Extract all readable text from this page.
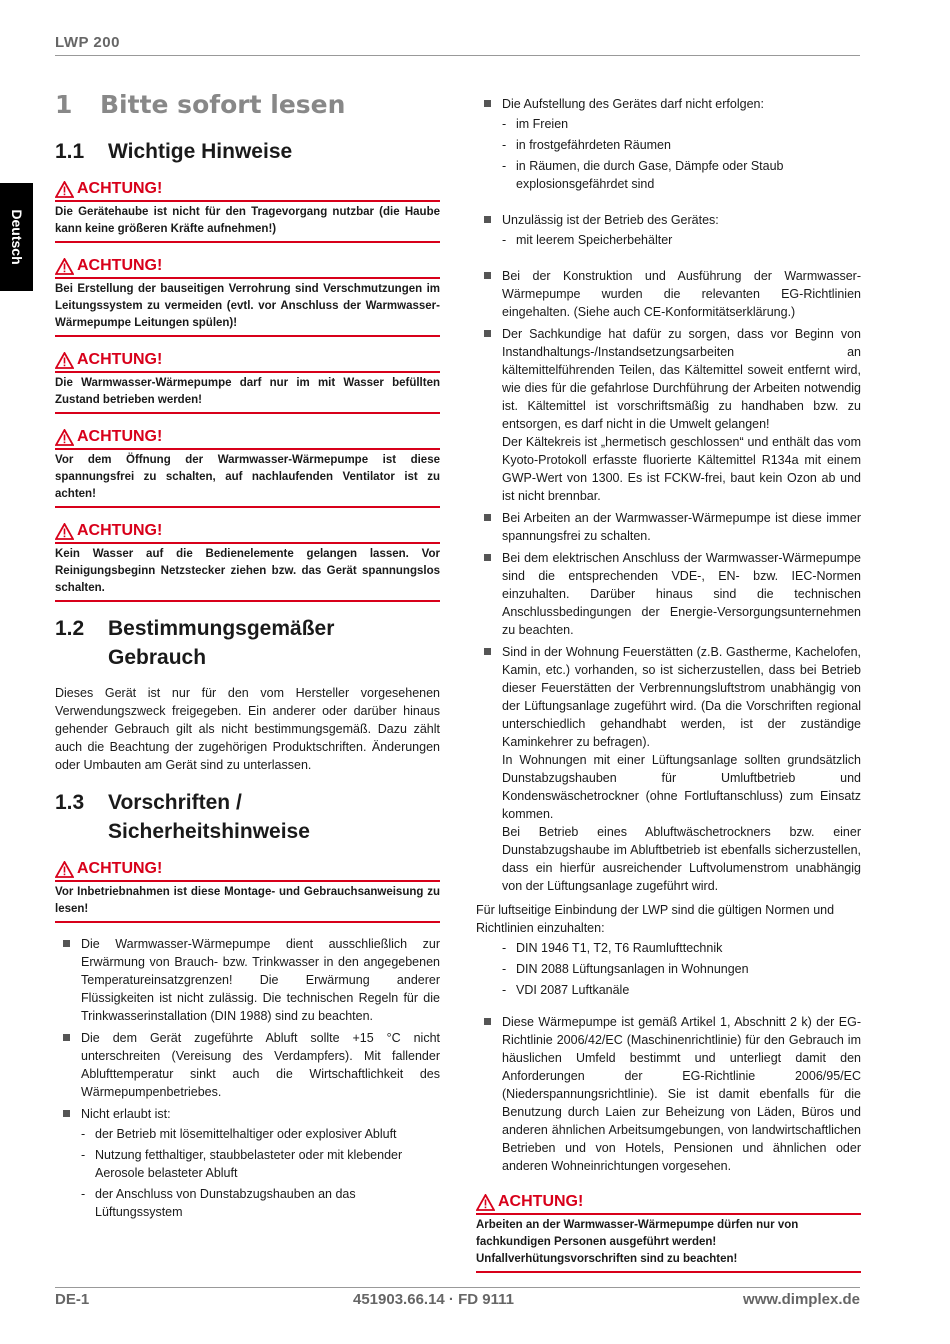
LWP 200
Deutsch
1	Bitte sofort lesen
1.1	Wichtige Hinweise
ACHTUNG!
Die Gerätehaube ist nicht für den Tragevorgang nutzbar (die Haube kann keine größeren Kräfte aufnehmen!)
ACHTUNG!
Bei Erstellung der bauseitigen Verrohrung sind Verschmutzungen im Leitungssystem zu vermeiden (evtl. vor Anschluss der Warmwasser-Wärmepumpe Leitungen spülen)!
ACHTUNG!
Die Warmwasser-Wärmepumpe darf nur im mit Wasser befüllten Zustand betrieben werden!
ACHTUNG!
Vor dem Öffnung der Warmwasser-Wärmepumpe ist diese spannungsfrei zu schalten, auf nachlaufenden Ventilator ist zu achten!
ACHTUNG!
Kein Wasser auf die Bedienelemente gelangen lassen. Vor Reinigungsbeginn Netzstecker ziehen bzw. das Gerät spannungslos schalten.
1.2	Bestimmungsgemäßer
Gebrauch

Dieses Gerät ist nur für den vom Hersteller vorgesehenen Verwendungszweck freigegeben. Ein anderer oder darüber hinaus gehender Gebrauch gilt als nicht bestimmungsgemäß. Dazu zählt auch die Beachtung der zugehörigen Produktschriften. Änderungen oder Umbauten am Gerät sind zu unterlassen.

1.3	Vorschriften /
Sicherheitshinweise
ACHTUNG!
Vor Inbetriebnahmen ist diese Montage- und Gebrauchsanweisung zu lesen!
Die Warmwasser-Wärmepumpe dient ausschließlich zur Erwärmung von Brauch- bzw. Trinkwasser in den angegebenen Temperatureinsatzgrenzen! Die Erwärmung anderer Flüssigkeiten ist nicht zulässig. Die technischen Regeln für die Trinkwasserinstallation (DIN 1988) sind zu beachten.
Die dem Gerät zugeführte Abluft sollte +15 °C nicht unterschreiten (Vereisung des Verdampfers). Mit fallender Ablufttemperatur sinkt auch die Wirtschaftlichkeit des Wärmepumpenbetriebes.
Nicht erlaubt ist:
- der Betrieb mit lösemittelhaltiger oder explosiver Abluft
- Nutzung fetthaltiger, staubbelasteter oder mit klebender Aerosole belasteter Abluft
- der Anschluss von Dunstabzugshauben an das Lüftungssystem
Die Aufstellung des Gerätes darf nicht erfolgen:
- im Freien
- in frostgefährdeten Räumen
- in Räumen, die durch Gase, Dämpfe oder Staub explosionsgefährdet sind
Unzulässig ist der Betrieb des Gerätes:
- mit leerem Speicherbehälter
Bei der Konstruktion und Ausführung der Warmwasser-Wärmepumpe wurden die relevanten EG-Richtlinien eingehalten. (Siehe auch CE-Konformitätserklärung.)
Der Sachkundige hat dafür zu sorgen, dass vor Beginn von Instandhaltungs-/Instandsetzungsarbeiten an kältemittelführenden Teilen, das Kältemittel soweit entfernt wird, wie dies für die gefahrlose Durchführung der Arbeiten notwendig ist. Kältemittel ist vorschriftsmäßig zu handhaben bzw. zu entsorgen, es darf nicht in die Umwelt gelangen!
Der Kältekreis ist „hermetisch geschlossen“ und enthält das vom Kyoto-Protokoll erfasste fluorierte Kältemittel R134a mit einem GWP-Wert von 1300. Es ist FCKW-frei, baut kein Ozon ab und ist nicht brennbar.
Bei Arbeiten an der Warmwasser-Wärmepumpe ist diese immer spannungsfrei zu schalten.
Bei dem elektrischen Anschluss der Warmwasser-Wärmepumpe sind die entsprechenden VDE-, EN- bzw. IEC-Normen einzuhalten. Darüber hinaus sind die technischen Anschlussbedingungen der Energie-Versorgungsunternehmen zu beachten.
Sind in der Wohnung Feuerstätten (z.B. Gastherme, Kachelofen, Kamin, etc.) vorhanden, so ist sicherzustellen, dass bei Betrieb dieser Feuerstätten der Verbrennungsluftstrom unabhängig von der Lüftungsanlage zugeführt wird. (Da die Vorschriften regional unterschiedlich gehandhabt werden, ist der zuständige Kaminkehrer zu befragen).
In Wohnungen mit einer Lüftungsanlage sollten grundsätzlich Dunstabzugshauben für Umluftbetrieb und Kondenswäschetrockner (ohne Fortluftanschluss) zum Einsatz kommen.
Bei Betrieb eines Abluftwäschetrockners bzw. einer Dunstabzugshaube im Abluftbetrieb ist ebenfalls sicherzustellen, dass ein hierfür ausreichender Luftvolumenstrom unabhängig von der Lüftungsanlage zugeführt wird.
Für luftseitige Einbindung der LWP sind die gültigen Normen und Richtlinien einzuhalten:
- DIN 1946 T1, T2, T6 Raumlufttechnik
- DIN 2088 Lüftungsanlagen in Wohnungen
- VDI 2087 Luftkanäle
Diese Wärmepumpe ist gemäß Artikel 1, Abschnitt 2 k) der EG-Richtlinie 2006/42/EC (Maschinenrichtlinie) für den Gebrauch im häuslichen Umfeld bestimmt und unterliegt damit den Anforderungen der EG-Richtlinie 2006/95/EC (Niederspannungsrichtlinie). Sie ist damit ebenfalls für die Benutzung durch Laien zur Beheizung von Läden, Büros und anderen ähnlichen Arbeitsumgebungen, von landwirtschaftlichen Betrieben und von Hotels, Pensionen und ähnlichen oder anderen Wohneinrichtungen vorgesehen.
ACHTUNG!
Arbeiten an der Warmwasser-Wärmepumpe dürfen nur von fachkundigen Personen ausgeführt werden!
Unfallverhütungsvorschriften sind zu beachten!
DE-1	451903.66.14 · FD 9111	www.dimplex.de
